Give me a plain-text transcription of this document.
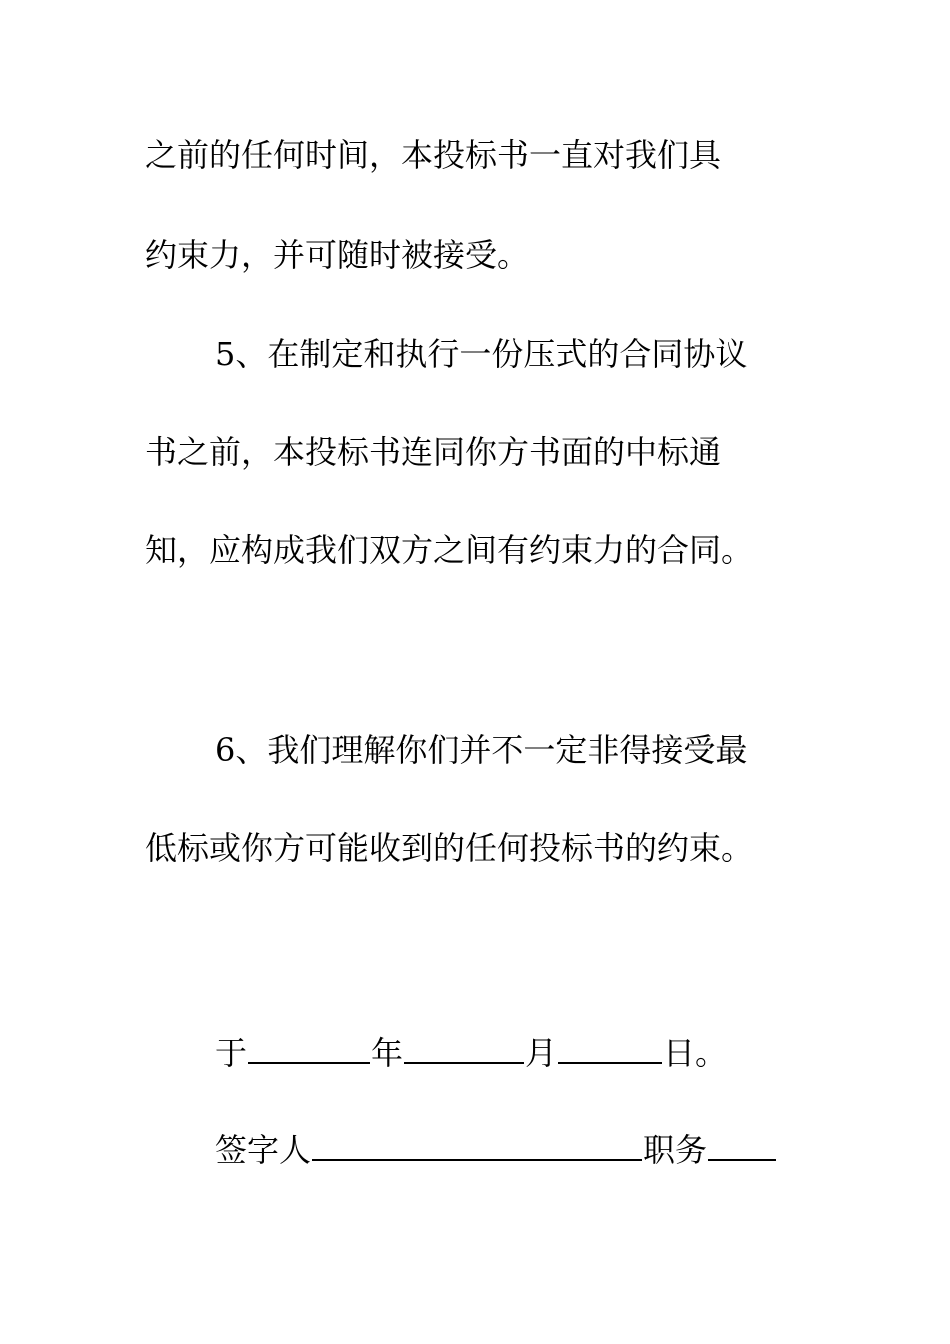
之前的任何时间，本投标书一直对我们具
约束力，并可随时被接受。
5、在制定和执行一份压式的合同协议
书之前，本投标书连同你方书面的中标通
知，应构成我们双方之间有约束力的合同。
6、我们理解你们并不一定非得接受最
低标或你方可能收到的任何投标书的约束。
于	年	月	日。
签字人	职务
